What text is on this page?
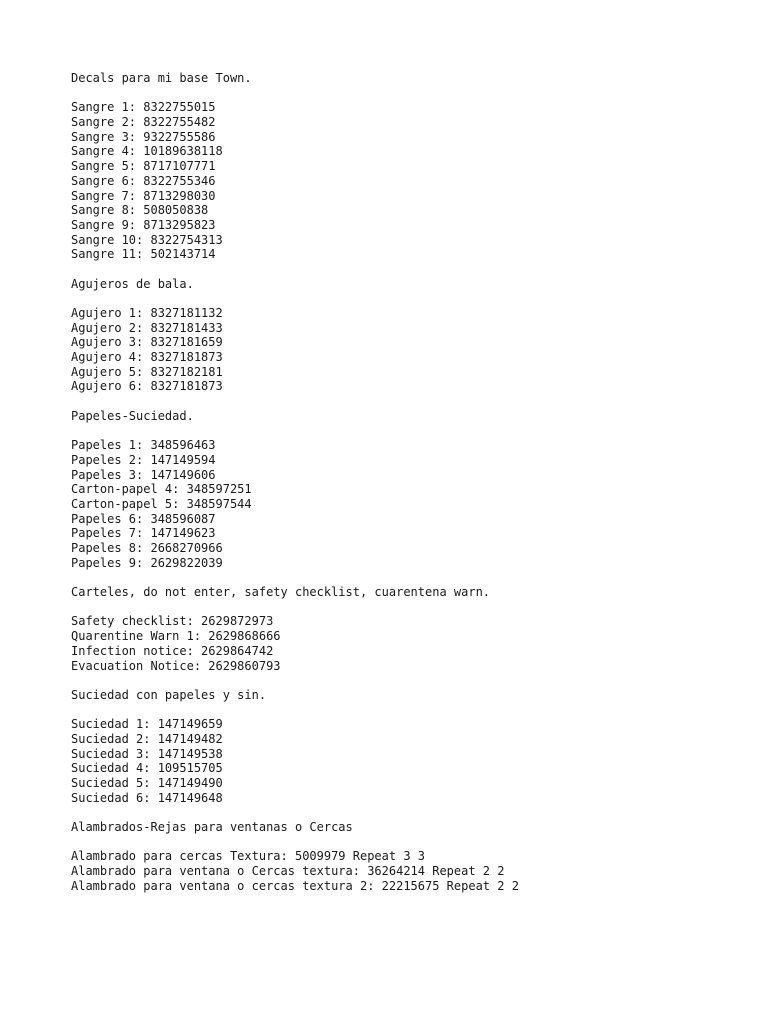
Decals para mi base Town.
Sangre 1: 8322755015
Sangre 2: 8322755482
Sangre 3: 9322755586
Sangre 4: 10189638118
Sangre 5: 8717107771
Sangre 6: 8322755346
Sangre 7: 8713298030
Sangre 8: 508050838
Sangre 9: 8713295823
Sangre 10: 8322754313
Sangre 11: 502143714
Agujeros de bala.
Agujero 1: 8327181132
Agujero 2: 8327181433
Agujero 3: 8327181659
Agujero 4: 8327181873
Agujero 5: 8327182181
Agujero 6: 8327181873
Papeles-Suciedad.
Papeles 1: 348596463
Papeles 2: 147149594
Papeles 3: 147149606
Carton-papel 4: 348597251
Carton-papel 5: 348597544
Papeles 6: 348596087
Papeles 7: 147149623
Papeles 8: 2668270966
Papeles 9: 2629822039
Carteles, do not enter, safety checklist, cuarentena warn.
Safety checklist: 2629872973
Quarentine Warn 1: 2629868666
Infection notice: 2629864742
Evacuation Notice: 2629860793
Suciedad con papeles y sin.
Suciedad 1: 147149659
Suciedad 2: 147149482
Suciedad 3: 147149538
Suciedad 4: 109515705
Suciedad 5: 147149490
Suciedad 6: 147149648
Alambrados-Rejas para ventanas o Cercas
Alambrado para cercas Textura: 5009979 Repeat 3 3
Alambrado para ventana o Cercas textura: 36264214 Repeat 2 2
Alambrado para ventana o cercas textura 2: 22215675 Repeat 2 2
